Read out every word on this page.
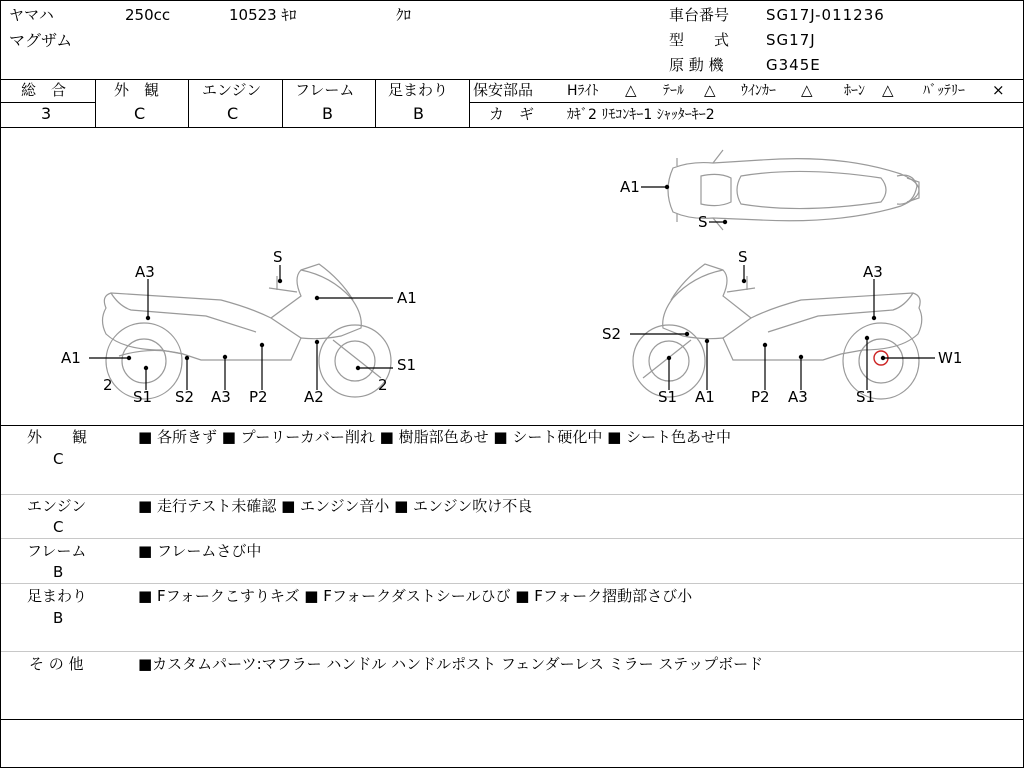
ヤマハ	250cc	10523 ｷﾛ	ｸﾛ
マグザム
車台番号 SG17J-011236
型　　式 SG17J
原 動 機	G345E
総　合
3
外　観
C
エンジン
C
フレーム
B
足まわり
B
保安部品 Hﾗｲﾄ △ ﾃｰﾙ △ ｳｲﾝｶｰ △ ﾎｰﾝ △ ﾊﾞｯﾃﾘｰ ×
カ　ギ ｶｷﾞ2 ﾘﾓｺﾝｷｰ1 ｼｬｯﾀｰｷｰ2
A1
S
A3
S
A1
A1	S1
2	2
S1 S2 A3 P2 A2
S
A3
S2
W1
S1 A1 P2 A3	S1
外　　観
C
■ 各所きず ■ プーリーカバー削れ ■ 樹脂部色あせ ■ シート硬化中 ■ シート色あせ中
エンジン
C
■ 走行テスト未確認 ■ エンジン音小 ■ エンジン吹け不良
フレーム
B
■ フレームさび中
足まわり
B
■ Fフォークこすりキズ ■ Fフォークダストシールひび ■ Fフォーク摺動部さび小
そ の 他	■カスタムパーツ:マフラー ハンドル ハンドルポスト フェンダーレス ミラー ステップボード
